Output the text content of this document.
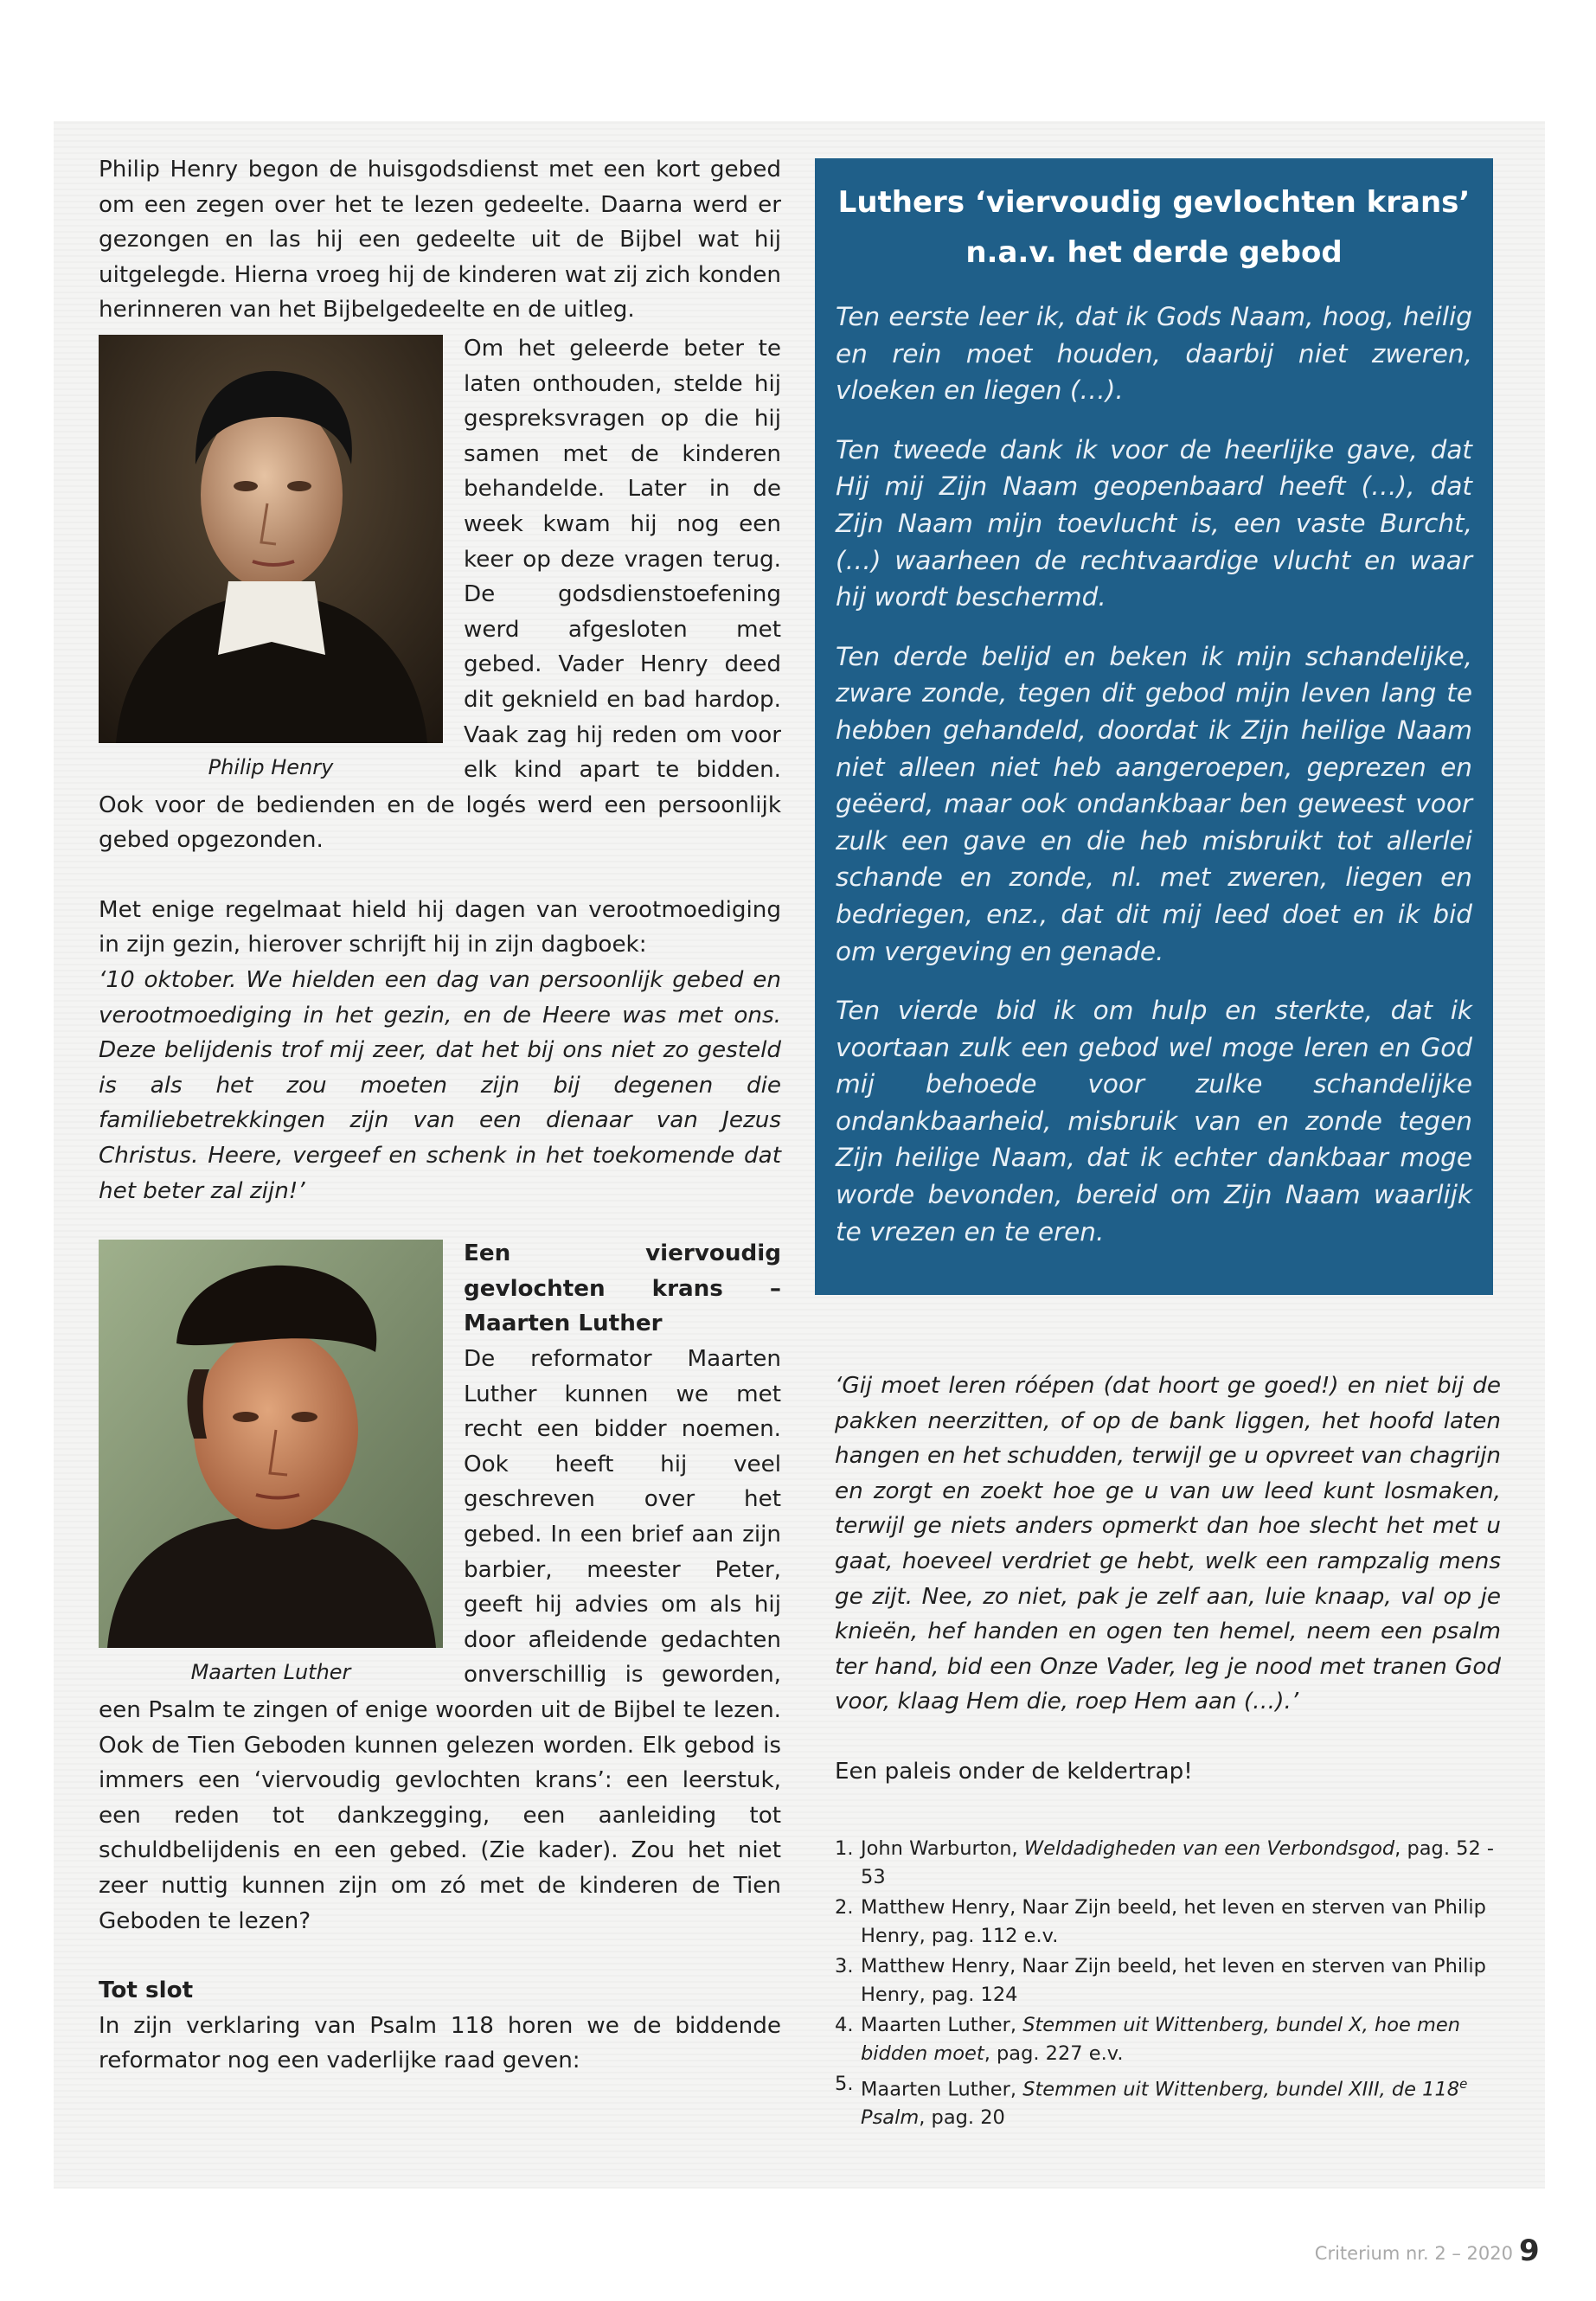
Philip Henry begon de huisgodsdienst met een kort gebed om een zegen over het te lezen gedeelte. Daarna werd er gezongen en las hij een gedeelte uit de Bijbel wat hij uitgelegde. Hierna vroeg hij de kinderen wat zij zich konden herinneren van het Bijbelgedeelte en de uitleg.

Philip Henry

Om het geleerde beter te laten onthouden, stelde hij gespreksvragen op die hij samen met de kinderen behandelde. Later in de week kwam hij nog een keer op deze vragen terug. De godsdienstoefening werd afgesloten met gebed. Vader Henry deed dit geknield en bad hardop. Vaak zag hij reden om voor elk kind apart te bidden. Ook voor de bedienden en de logés werd een persoonlijk gebed opgezonden.

Met enige regelmaat hield hij dagen van verootmoediging in zijn gezin, hierover schrijft hij in zijn dagboek:

‘10 oktober. We hielden een dag van persoonlijk gebed en verootmoediging in het gezin, en de Heere was met ons. Deze belijdenis trof mij zeer, dat het bij ons niet zo gesteld is als het zou moeten zijn bij degenen die familiebetrekkingen zijn van een dienaar van Jezus Christus. Heere, vergeef en schenk in het toekomende dat het beter zal zijn!’

Maarten Luther

Een viervoudig gevlochten krans – Maarten Luther

De reformator Maarten Luther kunnen we met recht een bidder noemen. Ook heeft hij veel geschreven over het gebed. In een brief aan zijn barbier, meester Peter, geeft hij advies om als hij door afleidende gedachten onverschillig is geworden, een Psalm te zingen of enige woorden uit de Bijbel te lezen. Ook de Tien Geboden kunnen gelezen worden. Elk gebod is immers een ‘viervoudig gevlochten krans’: een leerstuk, een reden tot dankzegging, een aanleiding tot schuldbelijdenis en een gebed. (Zie kader). Zou het niet zeer nuttig kunnen zijn om zó met de kinderen de Tien Geboden te lezen?

Tot slot

In zijn verklaring van Psalm 118 horen we de biddende reformator nog een vaderlijke raad geven:

Luthers ‘viervoudig gevlochten krans’
n.a.v. het derde gebod

Ten eerste leer ik, dat ik Gods Naam, hoog, heilig en rein moet houden, daarbij niet zweren, vloeken en liegen (…).

Ten tweede dank ik voor de heerlijke gave, dat Hij mij Zijn Naam geopenbaard heeft (…), dat Zijn Naam mijn toevlucht is, een vaste Burcht, (…) waarheen de rechtvaardige vlucht en waar hij wordt beschermd.

Ten derde belijd en beken ik mijn schandelijke, zware zonde, tegen dit gebod mijn leven lang te hebben gehandeld, doordat ik Zijn heilige Naam niet alleen niet heb aangeroepen, geprezen en geëerd, maar ook ondankbaar ben geweest voor zulk een gave en die heb misbruikt tot allerlei schande en zonde, nl. met zweren, liegen en bedriegen, enz., dat dit mij leed doet en ik bid om vergeving en genade.

Ten vierde bid ik om hulp en sterkte, dat ik voortaan zulk een gebod wel moge leren en God mij behoede voor zulke schandelijke ondankbaarheid, misbruik van en zonde tegen Zijn heilige Naam, dat ik echter dankbaar moge worde bevonden, bereid om Zijn Naam waarlijk te vrezen en te eren.

‘Gij moet leren róépen (dat hoort ge goed!) en niet bij de pakken neerzitten, of op de bank liggen, het hoofd laten hangen en het schudden, terwijl ge u opvreet van chagrijn en zorgt en zoekt hoe ge u van uw leed kunt losmaken, terwijl ge niets anders opmerkt dan hoe slecht het met u gaat, hoeveel verdriet ge hebt, welk een rampzalig mens ge zijt. Nee, zo niet, pak je zelf aan, luie knaap, val op je knieën, hef handen en ogen ten hemel, neem een psalm ter hand, bid een Onze Vader, leg je nood met tranen God voor, klaag Hem die, roep Hem aan (…).’

Een paleis onder de keldertrap!

1. John Warburton, Weldadigheden van een Verbondsgod, pag. 52 - 53
2. Matthew Henry, Naar Zijn beeld, het leven en sterven van Philip Henry, pag. 112 e.v.
3. Matthew Henry, Naar Zijn beeld, het leven en sterven van Philip Henry, pag. 124
4. Maarten Luther, Stemmen uit Wittenberg, bundel X, hoe men bidden moet, pag. 227 e.v.
5. Maarten Luther, Stemmen uit Wittenberg, bundel XIII, de 118e Psalm, pag. 20
Criterium nr. 2 – 2020 9
